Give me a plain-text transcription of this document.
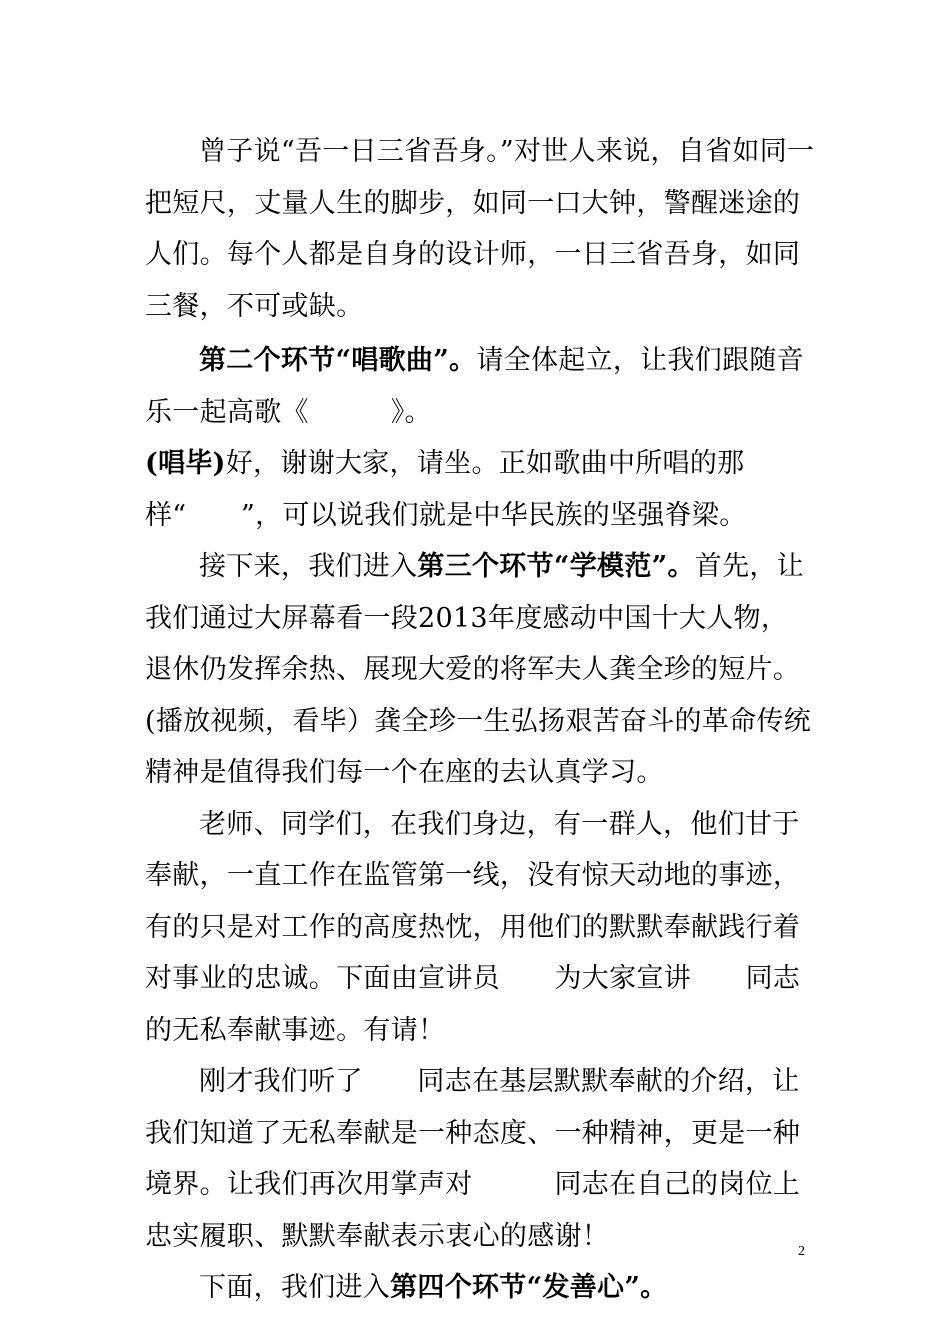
曾子说“吾一日三省吾身。”对世人来说，自省如同一把短尺，丈量人生的脚步，如同一口大钟，警醒迷途的人们。每个人都是自身的设计师，一日三省吾身，如同三餐，不可或缺。

第二个环节“唱歌曲”。请全体起立，让我们跟随音乐一起高歌《　　　》。

(唱毕)好，谢谢大家，请坐。正如歌曲中所唱的那样“　　”，可以说我们就是中华民族的坚强脊梁。

接下来，我们进入第三个环节“学模范”。首先，让我们通过大屏幕看一段2013年度感动中国十大人物，退休仍发挥余热、展现大爱的将军夫人龚全珍的短片。(播放视频，看毕）龚全珍一生弘扬艰苦奋斗的革命传统精神是值得我们每一个在座的去认真学习。

老师、同学们，在我们身边，有一群人，他们甘于奉献，一直工作在监管第一线，没有惊天动地的事迹，有的只是对工作的高度热忱，用他们的默默奉献践行着对事业的忠诚。下面由宣讲员　　为大家宣讲　　同志的无私奉献事迹。有请！

刚才我们听了　　同志在基层默默奉献的介绍，让我们知道了无私奉献是一种态度、一种精神，更是一种境界。让我们再次用掌声对　　　同志在自己的岗位上忠实履职、默默奉献表示衷心的感谢！

下面，我们进入第四个环节“发善心”。

2
